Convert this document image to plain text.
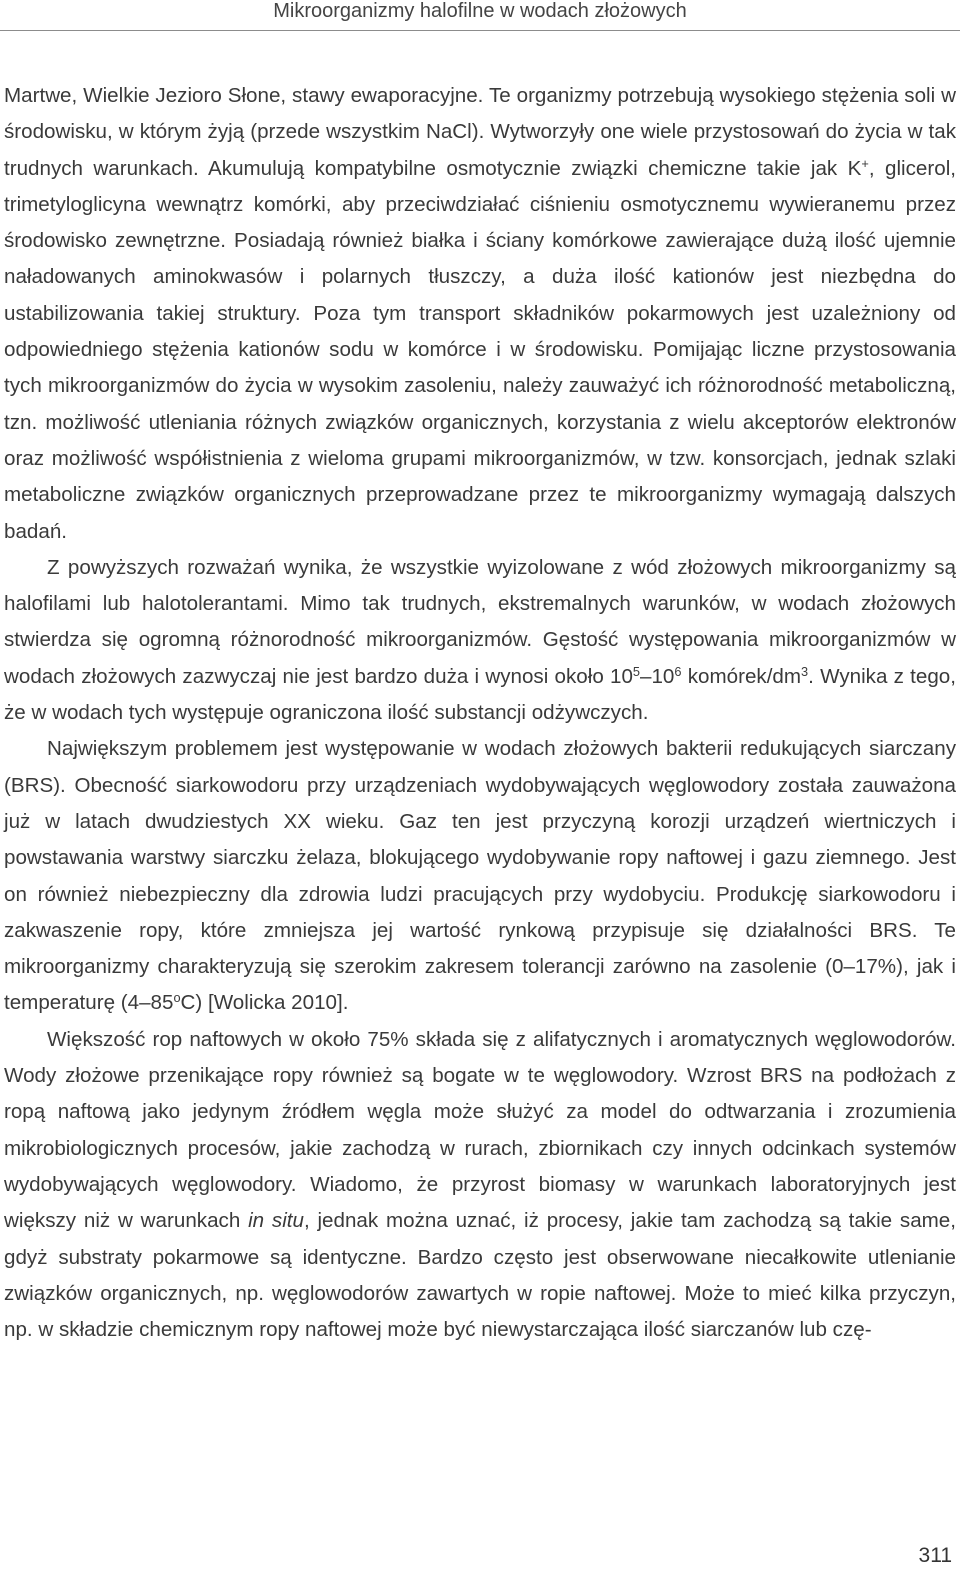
Mikroorganizmy halofilne w wodach złożowych

Martwe, Wielkie Jezioro Słone, stawy ewaporacyjne. Te organizmy potrzebują wysokiego stężenia soli w środowisku, w którym żyją (przede wszystkim NaCl). Wytworzyły one wiele przystosowań do życia w tak trudnych warunkach. Akumulują kompatybilne osmotycznie związki chemiczne takie jak K+, glicerol, trimetyloglicyna wewnątrz komórki, aby przeciwdziałać ciśnieniu osmotycznemu wywieranemu przez środowisko zewnętrzne. Posiadają również białka i ściany komórkowe zawierające dużą ilość ujemnie naładowanych aminokwasów i polarnych tłuszczy, a duża ilość kationów jest niezbędna do ustabilizowania takiej struktury. Poza tym transport składników pokarmowych jest uzależniony od odpowiedniego stężenia kationów sodu w komórce i w środowisku. Pomijając liczne przystosowania tych mikroorganizmów do życia w wysokim zasoleniu, należy zauważyć ich różnorodność metaboliczną, tzn. możliwość utleniania różnych związków organicznych, korzystania z wielu akceptorów elektronów oraz możliwość współistnienia z wieloma grupami mikroorganizmów, w tzw. konsorcjach, jednak szlaki metaboliczne związków organicznych przeprowadzane przez te mikroorganizmy wymagają dalszych badań.

Z powyższych rozważań wynika, że wszystkie wyizolowane z wód złożowych mikroorganizmy są halofilami lub halotolerantami. Mimo tak trudnych, ekstremalnych warunków, w wodach złożowych stwierdza się ogromną różnorodność mikroorganizmów. Gęstość występowania mikroorganizmów w wodach złożowych zazwyczaj nie jest bardzo duża i wynosi około $10^5-10^6$ komórek/$dm^3$. Wynika z tego, że w wodach tych występuje ograniczona ilość substancji odżywczych.

Największym problemem jest występowanie w wodach złożowych bakterii redukujących siarczany (BRS). Obecność siarkowodoru przy urządzeniach wydobywających węglowodory została zauważona już w latach dwudziestych XX wieku. Gaz ten jest przyczyną korozji urządzeń wiertniczych i powstawania warstwy siarczku żelaza, blokującego wydobywanie ropy naftowej i gazu ziemnego. Jest on również niebezpieczny dla zdrowia ludzi pracujących przy wydobyciu. Produkcję siarkowodoru i zakwaszenie ropy, które zmniejsza jej wartość rynkową przypisuje się działalności BRS. Te mikroorganizmy charakteryzują się szerokim zakresem tolerancji zarówno na zasolenie (0–17%), jak i temperaturę (4–85$^o$C) [Wolicka 2010].

Większość rop naftowych w około 75% składa się z alifatycznych i aromatycznych węglowodorów. Wody złożowe przenikające ropy również są bogate w te węglowodory. Wzrost BRS na podłożach z ropą naftową jako jedynym źródłem węgla może służyć za model do odtwarzania i zrozumienia mikrobiologicznych procesów, jakie zachodzą w rurach, zbiornikach czy innych odcinkach systemów wydobywających węglowodory. Wiadomo, że przyrost biomasy w warunkach laboratoryjnych jest większy niż w warunkach in situ, jednak można uznać, iż procesy, jakie tam zachodzą są takie same, gdyż substraty pokarmowe są identyczne. Bardzo często jest obserwowane niecałkowite utlenianie związków organicznych, np. węglowodorów zawartych w ropie naftowej. Może to mieć kilka przyczyn, np. w składzie chemicznym ropy naftowej może być niewystarczająca ilość siarczanów lub czę-

311
